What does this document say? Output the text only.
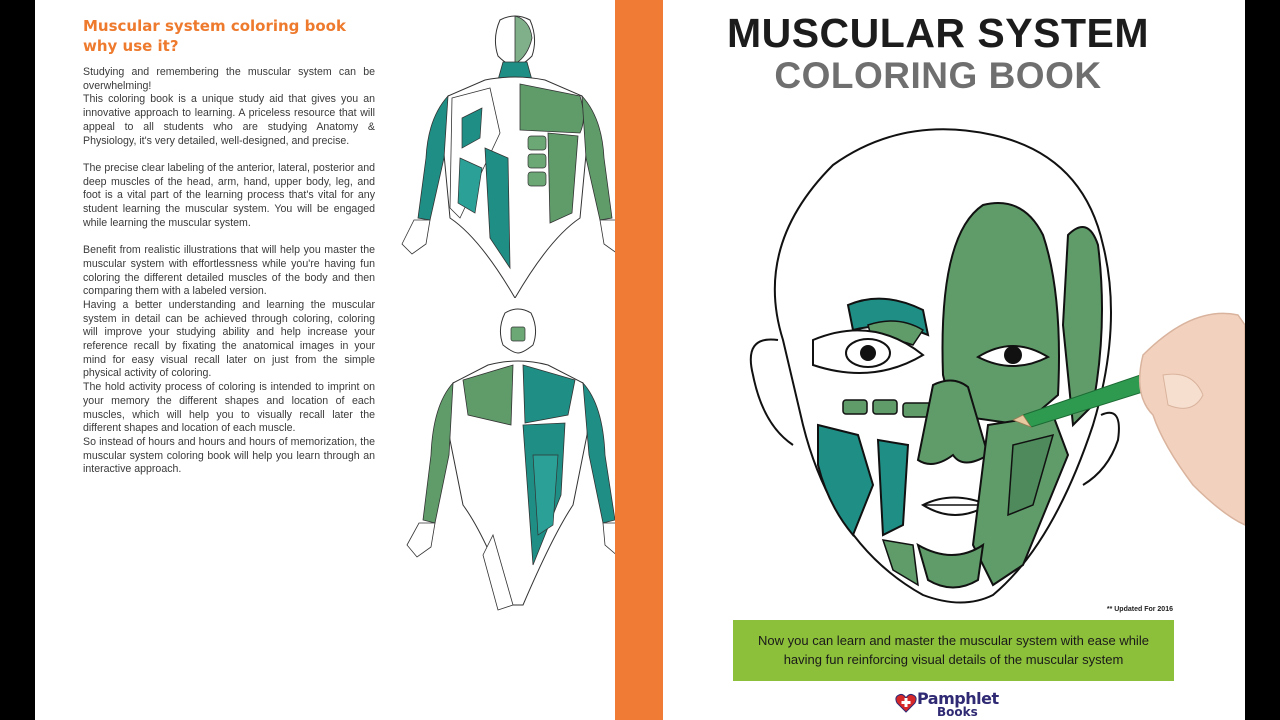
Muscular system coloring book why use it?

Studying and remembering the muscular system can be overwhelming!

This coloring book is a unique study aid that gives you an innovative approach to learning. A priceless resource that will appeal to all students who are studying Anatomy & Physiology, it's very detailed, well-designed, and precise.

The precise clear labeling of the anterior, lateral, posterior and deep muscles of the head, arm, hand, upper body, leg, and foot is a vital part of the learning process that's vital for any student learning the muscular system. You will be engaged while learning the muscular system.

Benefit from realistic illustrations that will help you master the muscular system with effortlessness while you're having fun coloring the different detailed muscles of the body and then comparing them with a labeled version.

Having a better understanding and learning the muscular system in detail can be achieved through coloring, coloring will improve your studying ability and help increase your reference recall by fixating the anatomical images in your mind for easy visual recall later on just from the simple physical activity of coloring.

The hold activity process of coloring is intended to imprint on your memory the different shapes and location of each muscles, which will help you to visually recall later the different shapes and location of each muscle.

So instead of hours and hours and hours of memorization, the muscular system coloring book will help you learn through an interactive approach.

MUSCULAR SYSTEM
COLORING BOOK
** Updated For 2016
Now you can learn and master the muscular system with ease while having fun reinforcing visual details of the muscular system
Pamphlet
Books
